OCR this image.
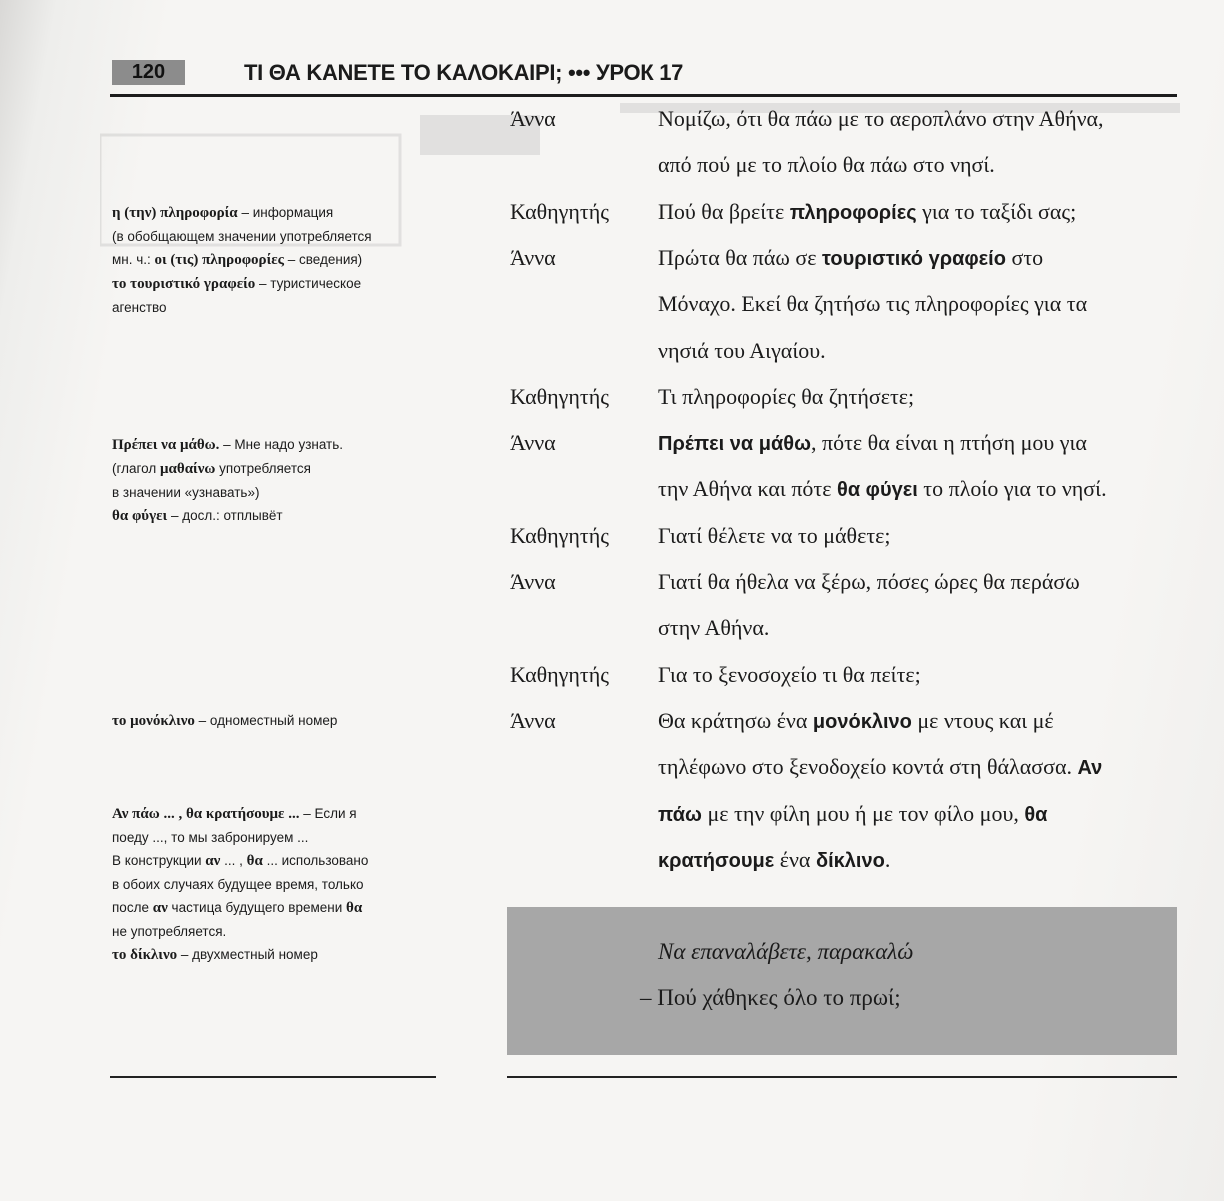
120	ΤΙ ΘΑ ΚΑΝΕΤΕ ΤΟ ΚΑΛΟΚΑΙΡΙ; ••• УРОК 17
η (την) πληροφορία – информация
(в обобщающем значении употребляется
мн. ч.: οι (τις) πληροφορίες – сведения)
το τουριστικό γραφείο – туристическое
агенство
Πρέπει να μάθω. – Мне надо узнать.
(глагол μαθαίνω употребляется
в значении «узнавать»)
θα φύγει – досл.: отплывёт
το μονόκλινο – одноместный номер
Αν πάω ... , θα κρατήσουμε ... – Если я
поеду ..., то мы забронируем ...
В конструкции αν ... , θα ... использовано
в обоих случаях будущее время, только
после αν частица будущего времени θα
не употребляется.
το δίκλινο – двухместный номер
Άννα	Νομίζω, ότι θα πάω με το αεροπλάνο στην Αθήνα,
από πού με το πλοίο θα πάω στο νησί.
Καθηγητής Πού θα βρείτε πληροφορίες για το ταξίδι σας;
Άννα	Πρώτα θα πάω σε τουριστικό γραφείο στο
Μόναχο. Εκεί θα ζητήσω τις πληροφορίες για τα
νησιά του Αιγαίου.
Καθηγητής Τι πληροφορίες θα ζητήσετε;
Άννα	Πρέπει να μάθω, πότε θα είναι η πτήση μου για
την Αθήνα και πότε θα φύγει το πλοίο για το νησί.
Καθηγητής Γιατί θέλετε να το μάθετε;
Άννα	Γιατί θα ήθελα να ξέρω, πόσες ώρες θα περάσω
στην Αθήνα.
Καθηγητής Για το ξενοσοχείο τι θα πείτε;
Άννα	Θα κράτησω ένα μονόκλινο με ντους και μέ
τηλέφωνο στο ξενοδοχείο κοντά στη θάλασσα. Αν
πάω με την φίλη μου ή με τον φίλο μου, θα
κρατήσουμε ένα δίκλινο.
Να επαναλάβετε, παρακαλώ
– Πού χάθηκες όλο το πρωί;
